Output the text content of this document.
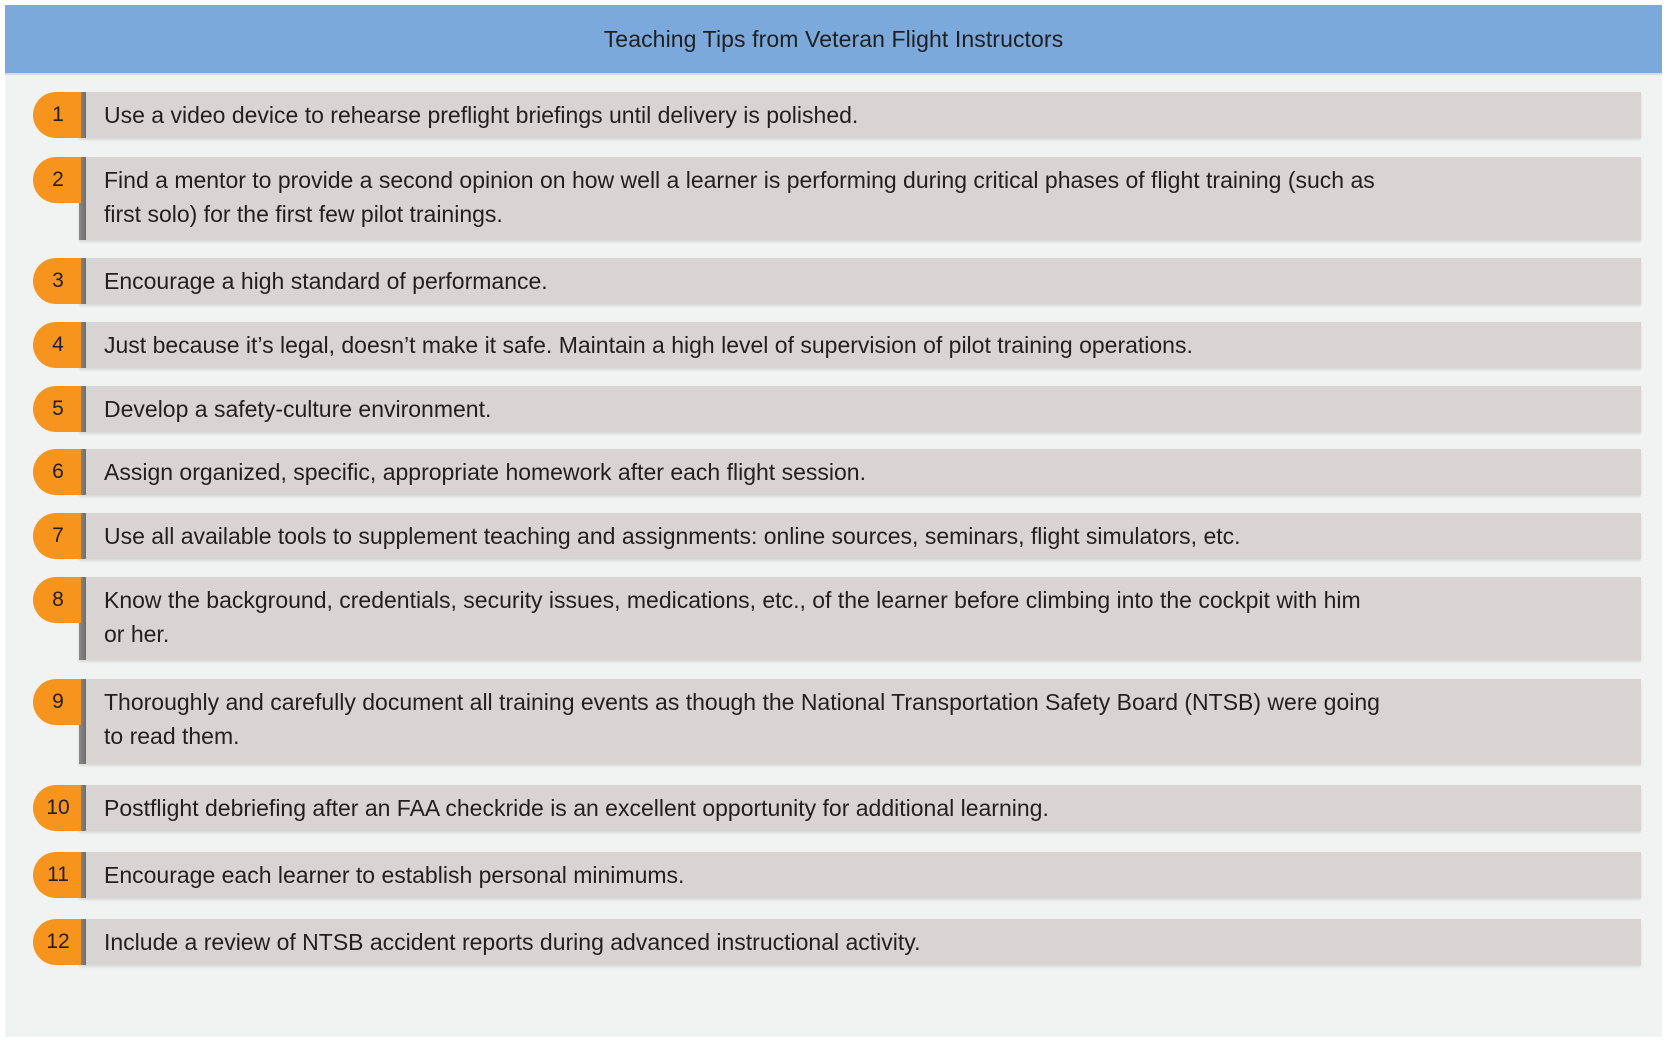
Teaching Tips from Veteran Flight Instructors
1	Use a video device to rehearse preflight briefings until delivery is polished.
2	Find a mentor to provide a second opinion on how well a learner is performing during critical phases of flight training (such as
first solo) for the first few pilot trainings.
3	Encourage a high standard of performance.
4	Just because it’s legal, doesn’t make it safe. Maintain a high level of supervision of pilot training operations.
5	Develop a safety-culture environment.
6	Assign organized, specific, appropriate homework after each flight session.
7	Use all available tools to supplement teaching and assignments: online sources, seminars, flight simulators, etc.
8	Know the background, credentials, security issues, medications, etc., of the learner before climbing into the cockpit with him
or her.
9	Thoroughly and carefully document all training events as though the National Transportation Safety Board (NTSB) were going
to read them.
10	Postflight debriefing after an FAA checkride is an excellent opportunity for additional learning.
11	Encourage each learner to establish personal minimums.
12	Include a review of NTSB accident reports during advanced instructional activity.
